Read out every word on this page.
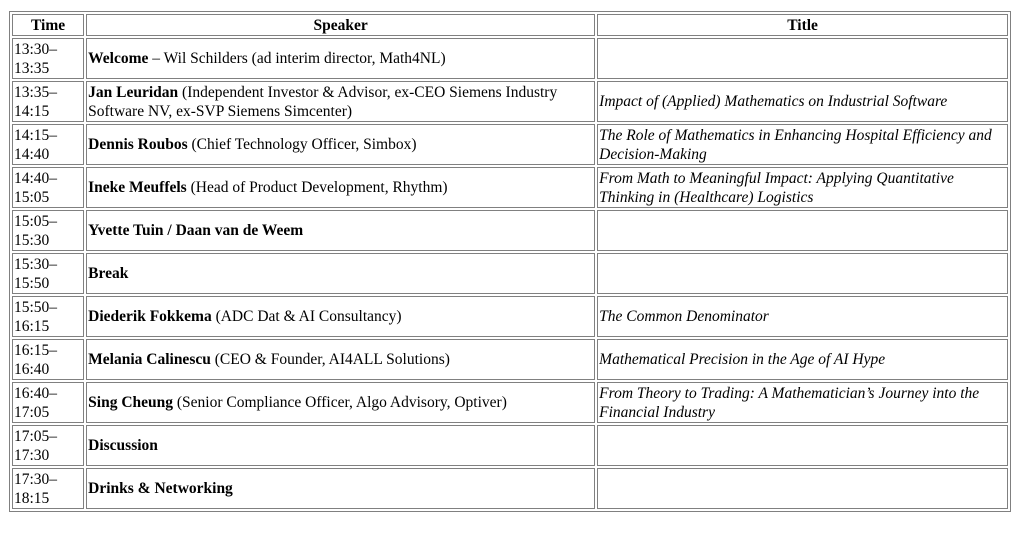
Time	Speaker	Title

13:30–
13:35	Welcome – Wil Schilders (ad interim director, Math4NL)	

13:35–
14:15	Jan Leuridan (Independent Investor & Advisor, ex-CEO Siemens Industry Software NV, ex-SVP Siemens Simcenter)	Impact of (Applied) Mathematics on Industrial Software

14:15–
14:40	Dennis Roubos (Chief Technology Officer, Simbox)	The Role of Mathematics in Enhancing Hospital Efficiency and Decision-Making

14:40–
15:05	Ineke Meuffels (Head of Product Development, Rhythm)	From Math to Meaningful Impact: Applying Quantitative Thinking in (Healthcare) Logistics

15:05–
15:30	Yvette Tuin / Daan van de Weem	

15:30–
15:50	Break	

15:50–
16:15	Diederik Fokkema (ADC Dat & AI Consultancy)	The Common Denominator

16:15–
16:40	Melania Calinescu (CEO & Founder, AI4ALL Solutions)	Mathematical Precision in the Age of AI Hype

16:40–
17:05	Sing Cheung (Senior Compliance Officer, Algo Advisory, Optiver)	From Theory to Trading: A Mathematician’s Journey into the Financial Industry

17:05–
17:30	Discussion	

17:30–
18:15	Drinks & Networking	
